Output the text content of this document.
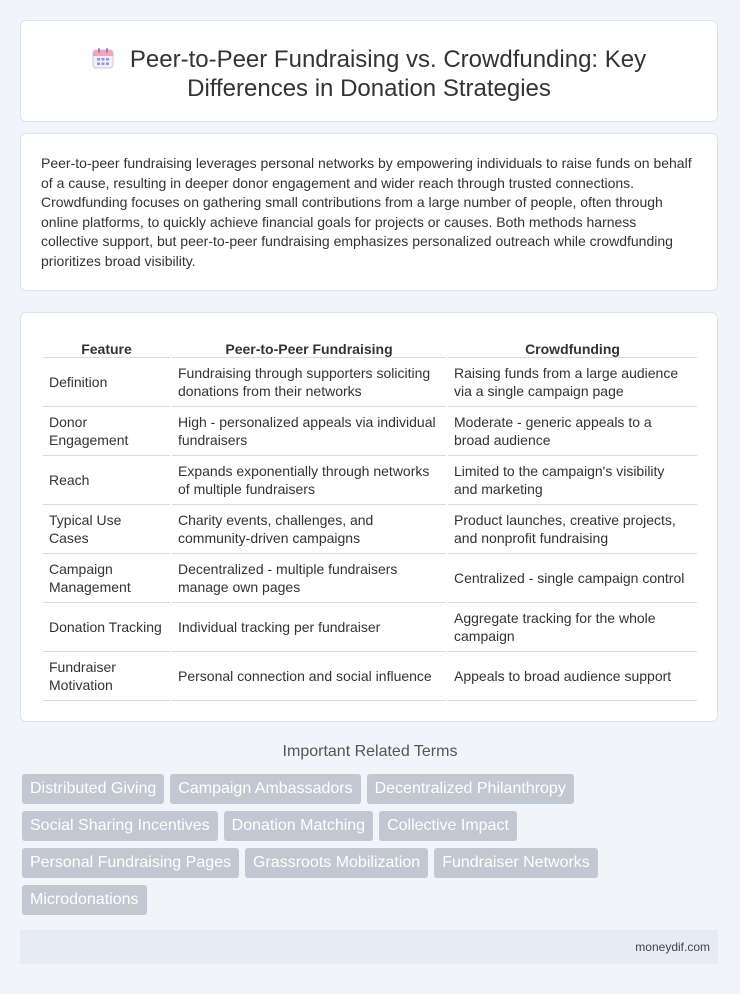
Peer-to-Peer Fundraising vs. Crowdfunding: Key
Differences in Donation Strategies

Peer-to-peer fundraising leverages personal networks by empowering individuals to raise funds on behalf of a cause, resulting in deeper donor engagement and wider reach through trusted connections. Crowdfunding focuses on gathering small contributions from a large number of people, often through online platforms, to quickly achieve financial goals for projects or causes. Both methods harness collective support, but peer-to-peer fundraising emphasizes personalized outreach while crowdfunding prioritizes broad visibility.

Feature	Peer-to-Peer Fundraising	Crowdfunding
Definition	Fundraising through supporters soliciting donations from their networks	Raising funds from a large audience via a single campaign page
Donor Engagement	High - personalized appeals via individual fundraisers	Moderate - generic appeals to a broad audience
Reach	Expands exponentially through networks of multiple fundraisers	Limited to the campaign's visibility and marketing
Typical Use Cases	Charity events, challenges, and community-driven campaigns	Product launches, creative projects, and nonprofit fundraising
Campaign Management	Decentralized - multiple fundraisers manage own pages	Centralized - single campaign control
Donation Tracking	Individual tracking per fundraiser	Aggregate tracking for the whole campaign
Fundraiser Motivation	Personal connection and social influence	Appeals to broad audience support
Important Related Terms
Distributed Giving	Campaign Ambassadors	Decentralized Philanthropy
Social Sharing Incentives	Donation Matching	Collective Impact
Personal Fundraising Pages	Grassroots Mobilization	Fundraiser Networks
Microdonations
moneydif.com
